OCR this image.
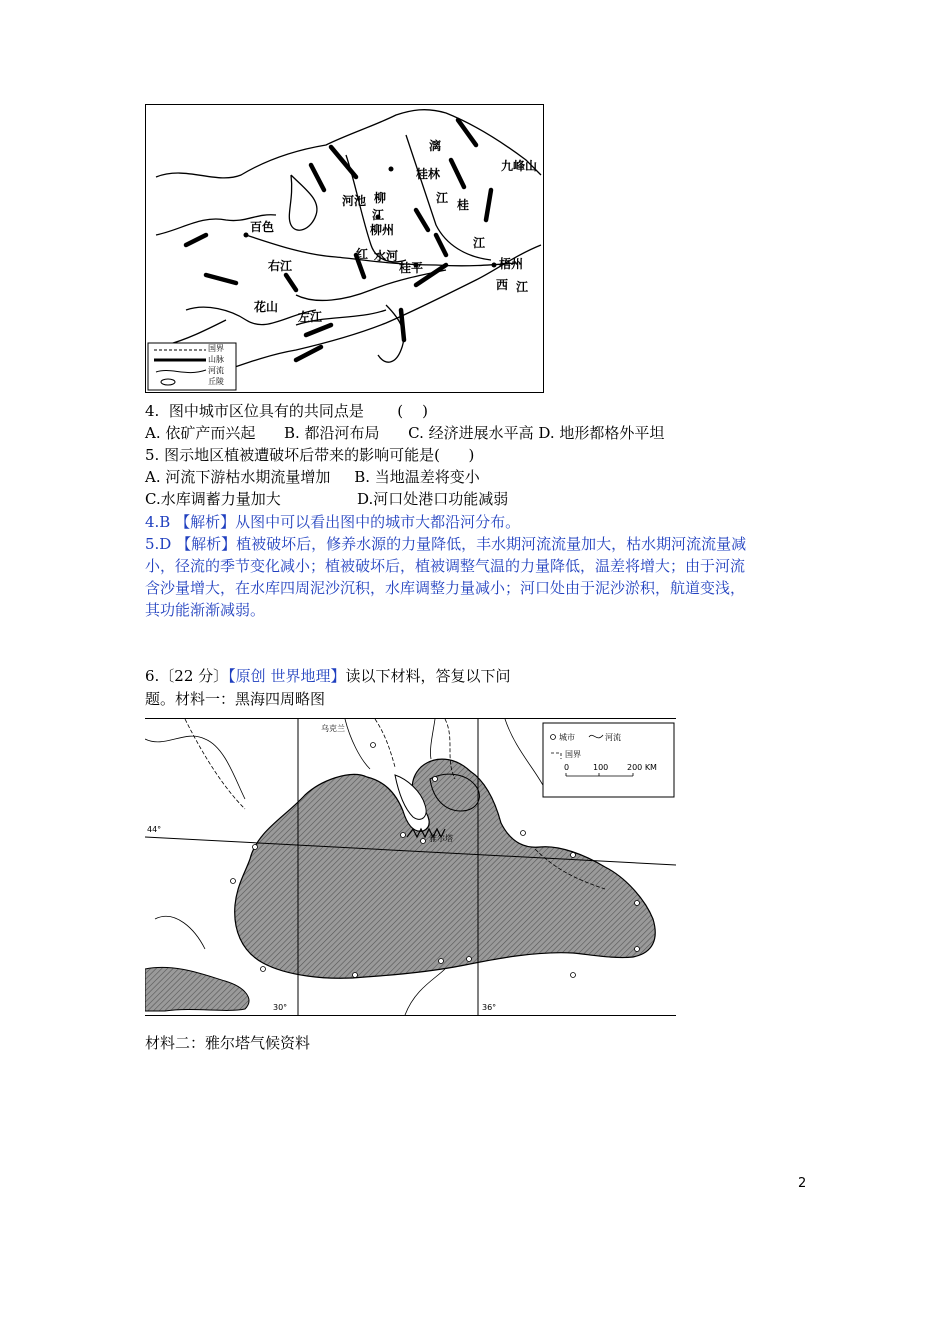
漓
桂林
九峰山
江 桂
江
梧州
西 江
河池 柳
江
柳州
百色
红 水河
桂平
右江
花山
左江
国界
山脉
河流
丘陵
4.  图中城市区位具有的共同点是       (    )
A. 依矿产而兴起      B. 都沿河布局      C. 经济进展水平高 D. 地形都格外平坦
5. 图示地区植被遭破坏后带来的影响可能是(      )
A. 河流下游枯水期流量增加     B. 当地温差将变小
C.水库调蓄力量加大                D.河口处港口功能减弱
4.B 【解析】从图中可以看出图中的城市大都沿河分布。
5.D 【解析】植被破坏后，修养水源的力量降低，丰水期河流流量加大，枯水期河流流量减
小，径流的季节变化减小；植被破坏后，植被调整气温的力量降低，温差将增大；由于河流
含沙量增大，在水库四周泥沙沉积，水库调整力量减小；河口处由于泥沙淤积，航道变浅，
其功能渐渐减弱。
6.〔22 分〕【原创 世界地理】读以下材料，答复以下问
题。材料一：黑海四周略图
乌克兰
雅尔塔
城市	河流
国界
0	100 200 KM
44°
30°	36°
材料二：雅尔塔气候资料
2
